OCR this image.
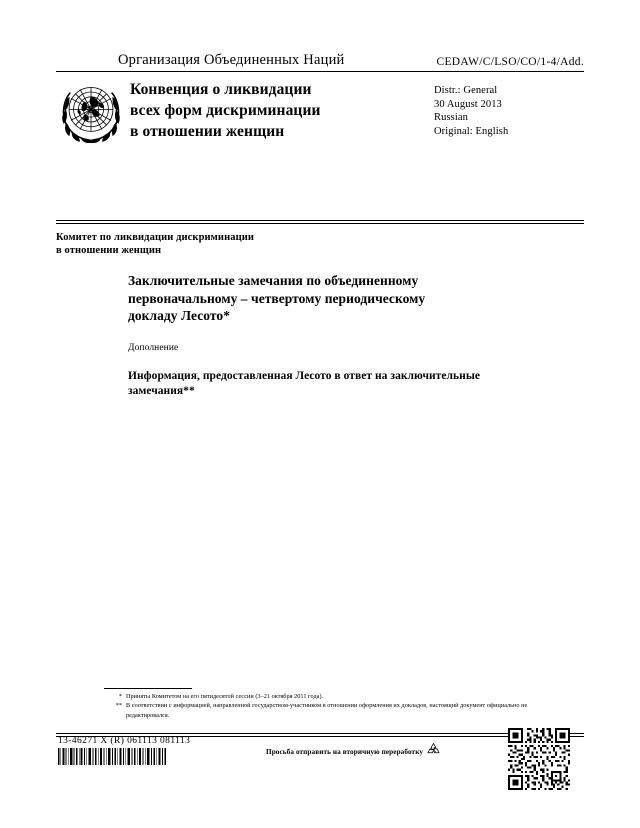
Организация Объединенных Наций	CEDAW/C/LSO/CO/1-4/Add.
Конвенция о ликвидации
всех форм дискриминации
в отношении женщин
Distr.: General
30 August 2013
Russian
Original: English
Комитет по ликвидации дискриминации
в отношении женщин
Заключительные замечания по объединенному
первоначальному – четвертому периодическому
докладу Лесото*
Дополнение
Информация, предоставленная Лесото в ответ на заключительные
замечания**
* Приняты Комитетом на его пятидесятой сессии (3–21 октября 2011 года).
** В соответствии с информацией, направленной государством-участником в отношении оформления их докладов, настоящий документ официально не редактировался.
13-46271 X (R) 061113 081113
Просьба отправить на вторичную переработку
